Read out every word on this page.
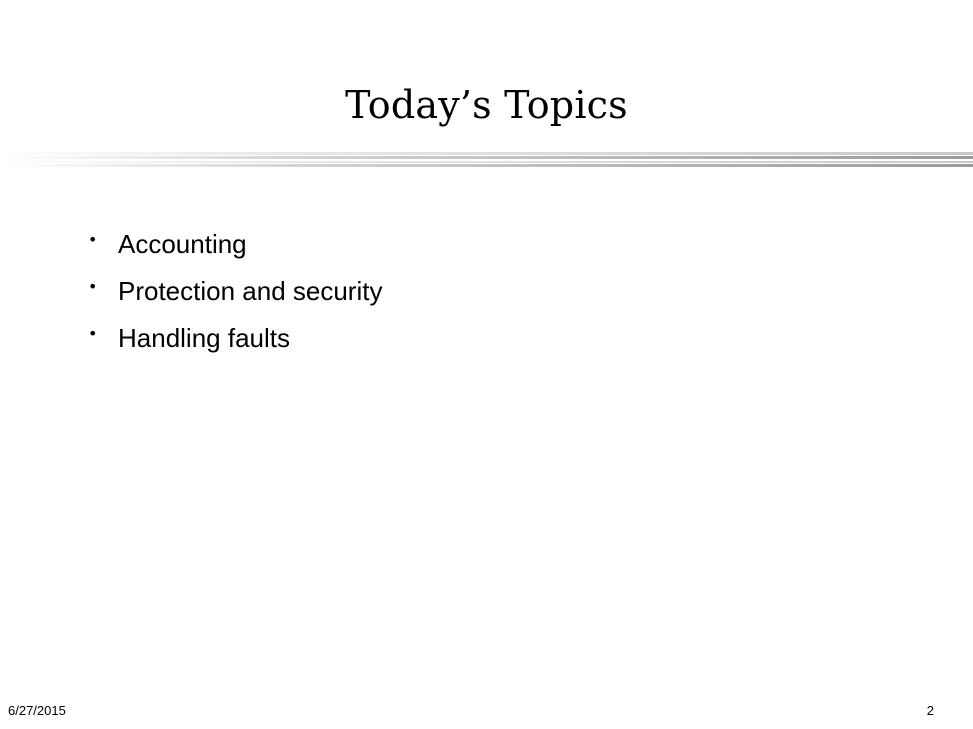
Today’s Topics
• Accounting
• Protection and security
• Handling faults
6/27/2015	2
